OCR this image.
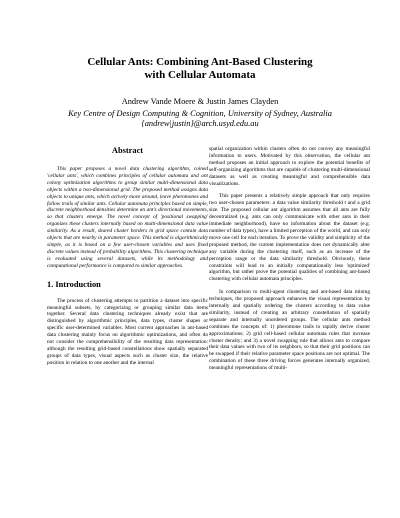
Cellular Ants: Combining Ant-Based Clustering
with Cellular Automata
Andrew Vande Moere & Justin James Clayden
Key Centre of Design Computing & Cognition, University of Sydney, Australia
{andrew|justin}@arch.usyd.edu.au
Abstract

This paper proposes a novel data clustering algorithm, coined 'cellular ants', which combines principles of cellular automata and ant colony optimization algorithms to group similar multi-dimensional data objects within a two-dimensional grid. The proposed method assigns data objects to unique ants, which actively move around, leave pheromones and follow trails of similar ants. Cellular automata principles based on simple, discrete neighborhood densities determine an ant's directional movements, so that clusters emerge. The novel concept of 'positional swapping' organizes these clusters internally based on multi-dimensional data value similarity. As a result, shared cluster borders in grid space contain data objects that are nearby in parameter space. This method is algorithmically simple, as it is based on a few user-chosen variables and uses fixed discrete values instead of probability algorithms. This clustering technique is evaluated using several datasets, while its methodology and computational performance is compared to similar approaches.

1. Introduction

The process of clustering attempts to partition a dataset into specific meaningful subsets, by categorizing or grouping similar data items together. Several data clustering techniques already exist that are distinguished by algorithmic principles, data types, cluster shapes or specific user-determined variables. Most current approaches in ant-based data clustering mainly focus on algorithmic optimizations, and often do not consider the comprehensibility of the resulting data representation: although the resulting grid-based constellations show spatially separated groups of data types, visual aspects such as cluster size, the relative position in relation to one another and the internal

spatial organization within clusters often do not convey any meaningful information to users. Motivated by this observation, the cellular ant method proposes an initial approach to explore the potential benefits of self-organizing algorithms that are capable of clustering multi-dimensional datasets as well as creating meaningful and comprehensible data visualizations.

This paper presents a relatively simple approach that only requires two user-chosen parameters: a data value similarity threshold t and a grid size. The proposed cellular ant algorithm assumes that all ants are fully decentralized (e.g. ants can only communicate with other ants in their immediate neighborhood), have no information about the dataset (e.g. number of data types), have a limited perception of the world, and can only move one cell for each iteration. To prove the validity and simplicity of the proposed method, the current implementation does not dynamically alter any variable during the clustering itself, such as an increase of the perception range or the data similarity threshold. Obviously, these constraints will lead to an initially computationally less 'optimized' algorithm, but rather prove the potential qualities of combining ant-based clustering with cellular automata principles.

In comparison to multi-agent clustering and ant-based data mining techniques, the proposed approach enhances the visual representation by internally and spatially ordering the clusters according to data value similarity, instead of creating an arbitrary constellation of spatially separate and internally unordered groups. The cellular ants method combines the concepts of: 1) pheromone trails to rapidly derive cluster approximations; 2) grid cell-based cellular automata rules that increase cluster density; and 3) a novel swapping rule that allows ants to compare their data values with two of its neighbors, so that their grid positions can be swapped if their relative parameter space positions are not optimal. The combination of these three driving forces generates internally organized, meaningful representations of multi-
